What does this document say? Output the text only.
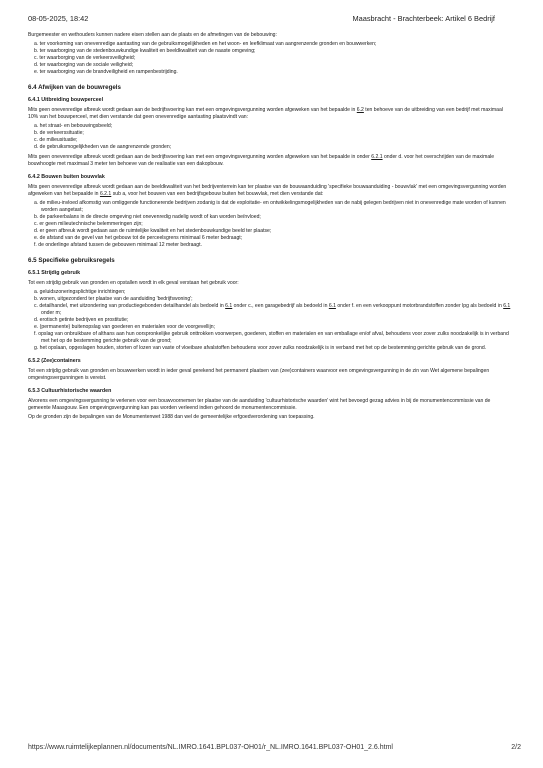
08-05-2025, 18:42	Maasbracht - Brachterbeek: Artikel 6 Bedrijf

Burgemeester en wethouders kunnen nadere eisen stellen aan de plaats en de afmetingen van de bebouwing:

a. ter voorkoming van onevenredige aantasting van de gebruiksmogelijkheden en het woon- en leefklimaat van aangrenzende gronden en bouwwerken;
b. ter waarborging van de stedenbouwkundige kwaliteit en beeldkwaliteit van de naaste omgeving;
c. ter waarborging van de verkeersveiligheid;
d. ter waarborging van de sociale veiligheid;
e. ter waarborging van de brandveiligheid en rampenbestrijding.
6.4 Afwijken van de bouwregels
6.4.1 Uitbreiding bouwperceel

Mits geen onevenredige afbreuk wordt gedaan aan de bedrijfsvoering kan met een omgevingsvergunning worden afgeweken van het bepaalde in 6.2 ten behoeve van de uitbreiding van een bedrijf met maximaal 10% van het bouwperceel, met dien verstande dat geen onevenredige aantasting plaatsvindt van:

a. het straat- en bebouwingsbeeld;
b. de verkeerssituatie;
c. de milieusituatie;
d. de gebruiksmogelijkheden van de aangrenzende gronden;

Mits geen onevenredige afbreuk wordt gedaan aan de bedrijfsvoering kan met een omgevingsvergunning worden afgeweken van het bepaalde in onder 6.2.1 onder d. voor het overschrijden van de maximale bouwhoogte met maximaal 3 meter ten behoeve van de realisatie van een dakopbouw.

6.4.2 Bouwen buiten bouwvlak

Mits geen onevenredige afbreuk wordt gedaan aan de beeldkwaliteit van het bedrijventerrein kan ter plaatse van de bouwaanduiding 'specifieke bouwaanduiding - bouwvlak' met een omgevingsvergunning worden afgeweken van het bepaalde in 6.2.1 sub a, voor het bouwen van een bedrijfsgebouw buiten het bouwvlak, met dien verstande dat:

a. de milieu-invloed afkomstig van omliggende functionerende bedrijven zodanig is dat de exploitatie- en ontwikkelingsmogelijkheden van de nabij gelegen bedrijven niet in onevenredige mate worden of kunnen worden aangetast;
b. de parkeerbalans in de directe omgeving niet onevenredig nadelig wordt of kan worden beïnvloed;
c. er geen milieutechnische belemmeringen zijn;
d. er geen afbreuk wordt gedaan aan de ruimtelijke kwaliteit en het stedenbouwkundige beeld ter plaatse;
e. de afstand van de gevel van het gebouw tot de perceelsgrens minimaal 6 meter bedraagt;
f. de onderlinge afstand tussen de gebouwen minimaal 12 meter bedraagt.
6.5 Specifieke gebruiksregels
6.5.1 Strijdig gebruik

Tot een strijdig gebruik van gronden en opstallen wordt in elk geval verstaan het gebruik voor:

a. geluidszoneringsplichtige inrichtingen;
b. wonen, uitgezonderd ter plaatse van de aanduiding 'bedrijfswoning';
c. detailhandel, met uitzondering van productiegebonden detailhandel als bedoeld in 6.1 onder c., een garagebedrijf als bedoeld in 6.1 onder f. en een verkooppunt motorbrandstoffen zonder lpg als bedoeld in 6.1 onder m;
d. erotisch getinte bedrijven en prostitutie;
e. (permanente) buitenopslag van goederen en materialen voor de voorgevellijn;
f. opslag van onbruikbare of althans aan hun oorspronkelijke gebruik onttrokken voorwerpen, goederen, stoffen en materialen en van emballage en/of afval, behoudens voor zover zulks noodzakelijk is in verband met het op de bestemming gerichte gebruik van de grond;
g. het opslaan, opgeslagen houden, storten of lozen van vaste of vloeibare afvalstoffen behoudens voor zover zulks noodzakelijk is in verband met het op de bestemming gerichte gebruik van de grond.
6.5.2 (Zee)containers

Tot een strijdig gebruik van gronden en bouwwerken wordt in ieder geval gerekend het permanent plaatsen van (zee)containers waarvoor een omgevingsvergunning in de zin van Wet algemene bepalingen omgevingsvergunningen is vereist.

6.5.3 Cultuurhistorische waarden

Alvorens een omgevingsvergunning te verlenen voor een bouwvoornemen ter plaatse van de aanduiding 'cultuurhistorische waarden' wint het bevoegd gezag advies in bij de monumentencommissie van de gemeente Maasgouw. Een omgevingsvergunning kan pas worden verleend indien gehoord de monumentencommissie.

Op de gronden zijn de bepalingen van de Monumentenwet 1988 dan wel de gemeentelijke erfgoedverordening van toepassing.

https://www.ruimtelijkeplannen.nl/documents/NL.IMRO.1641.BPL037-OH01/r_NL.IMRO.1641.BPL037-OH01_2.6.html	2/2
